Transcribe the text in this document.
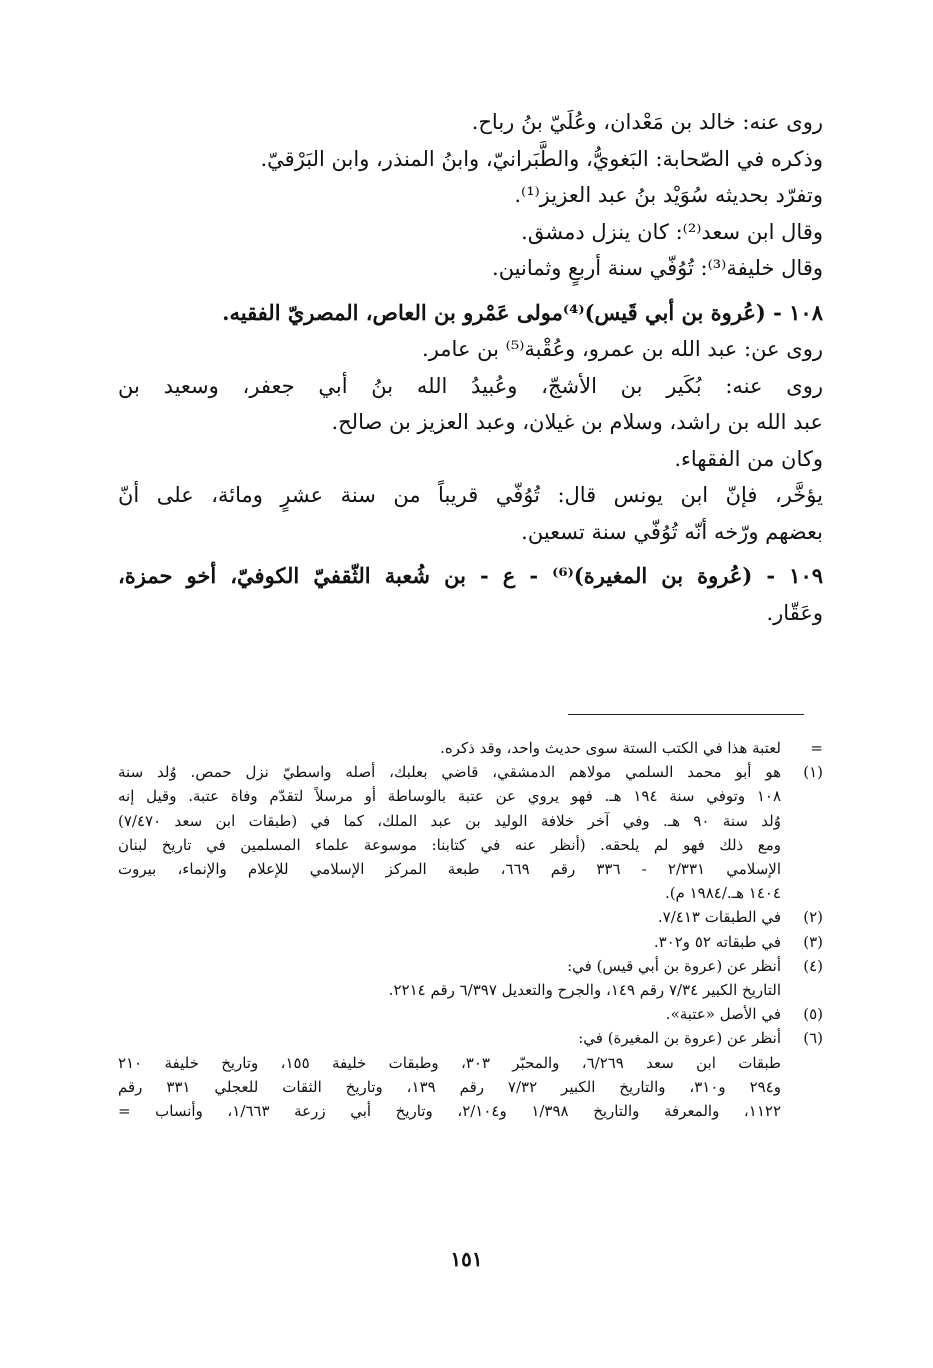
روى عنه: خالد بن مَعْدان، وعُلَيّ بنُ رباح.
وذكره في الصّحابة: البَغويُّ، والطَّبَرانيّ، وابنُ المنذر، وابن البَرْقيّ.
وتفرّد بحديثه سُوَيْد بنُ عبد العزيز⁽¹⁾.
وقال ابن سعد⁽²⁾: كان ينزل دمشق.
وقال خليفة⁽³⁾: تُوُفّي سنة أربعٍ وثمانين.
١٠٨ - (عُروة بن أبي قَيس)⁽⁴⁾مولى عَمْرو بن العاص، المصريّ الفقيه.
روى عن: عبد الله بن عمرو، وعُقْبة⁽⁵⁾ بن عامر.
روى عنه: بُكَير بن الأشجّ، وعُبيدُ الله بنُ أبي جعفر، وسعيد بن
عبد الله بن راشد، وسلام بن غيلان، وعبد العزيز بن صالح.
وكان من الفقهاء.
يؤخَّر، فإنّ ابن يونس قال: تُوُفّي قريباً من سنة عشرٍ ومائة، على أنّ
بعضهم ورّخه أنّه تُوُفّي سنة تسعين.
١٠٩ - (عُروة بن المغيرة)⁽⁶⁾ - ع - بن شُعبة الثّقفيّ الكوفيّ، أخو حمزة،
وعَقّار.
=
لعتبة هذا في الكتب الستة سوى حديث واحد، وقد ذكره.
(١)
هو أبو محمد السلمي مولاهم الدمشقي، قاضي بعلبك، أصله واسطيّ نزل حمص. وُلد سنة
١٠٨ وتوفي سنة ١٩٤ هـ. فهو يروي عن عتبة بالوساطة أو مرسلاً لتقدّم وفاة عتبة. وقيل إنه
وُلد سنة ٩٠ هـ. وفي آخر خلافة الوليد بن عبد الملك، كما في (طبقات ابن سعد ٧/٤٧٠)
ومع ذلك فهو لم يلحقه. (أنظر عنه في كتابنا: موسوعة علماء المسلمين في تاريخ لبنان
الإسلامي ٢/٣٣١ - ٣٣٦ رقم ٦٦٩، طبعة المركز الإسلامي للإعلام والإنماء، بيروت
١٤٠٤ هـ./١٩٨٤ م).
(٢)
في الطبقات ٧/٤١٣.
(٣)
في طبقاته ٥٢ و٣٠٢.
(٤)
أنظر عن (عروة بن أبي قيس) في:
التاريخ الكبير ٧/٣٤ رقم ١٤٩، والجرح والتعديل ٦/٣٩٧ رقم ٢٢١٤.
(٥)
في الأصل «عتبة».
(٦)
أنظر عن (عروة بن المغيرة) في:
طبقات ابن سعد ٦/٢٦٩، والمحبّر ٣٠٣، وطبقات خليفة ١٥٥، وتاريخ خليفة ٢١٠
و٢٩٤ و٣١٠، والتاريخ الكبير ٧/٣٢ رقم ١٣٩، وتاريخ الثقات للعجلي ٣٣١ رقم
١١٢٢، والمعرفة والتاريخ ١/٣٩٨ و٢/١٠٤، وتاريخ أبي زرعة ١/٦٦٣، وأنساب =
١٥١
